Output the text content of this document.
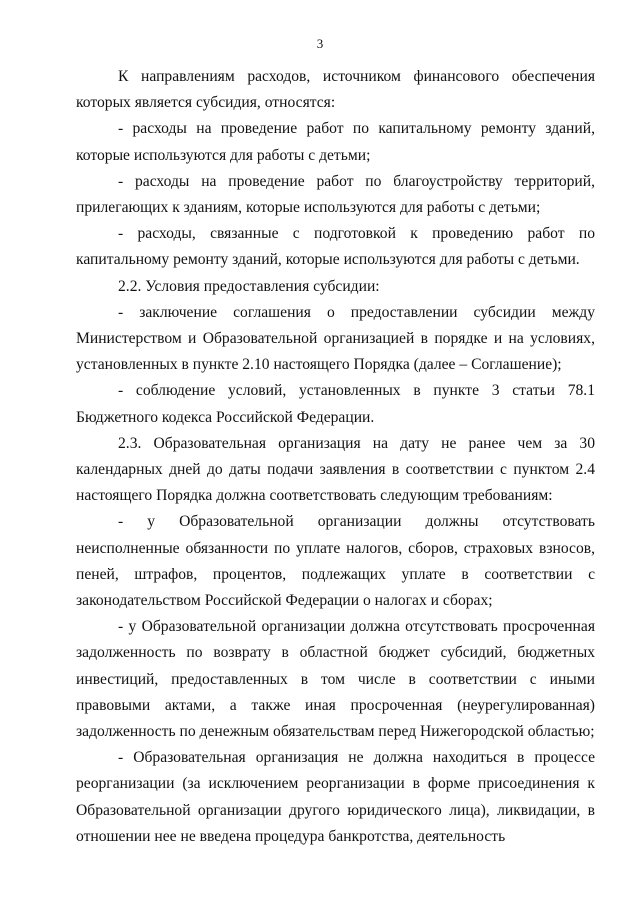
3

К направлениям расходов, источником финансового обеспечения которых является субсидия, относятся:

- расходы на проведение работ по капитальному ремонту зданий, которые используются для работы с детьми;

- расходы на проведение работ по благоустройству территорий, прилегающих к зданиям, которые используются для работы с детьми;

- расходы, связанные с подготовкой к проведению работ по капитальному ремонту зданий, которые используются для работы с детьми.

2.2. Условия предоставления субсидии:

- заключение соглашения о предоставлении субсидии между Министерством и Образовательной организацией в порядке и на условиях, установленных в пункте 2.10 настоящего Порядка (далее – Соглашение);

- соблюдение условий, установленных в пункте 3 статьи 78.1 Бюджетного кодекса Российской Федерации.

2.3. Образовательная организация на дату не ранее чем за 30 календарных дней до даты подачи заявления в соответствии с пунктом 2.4 настоящего Порядка должна соответствовать следующим требованиям:

- у Образовательной организации должны отсутствовать неисполненные обязанности по уплате налогов, сборов, страховых взносов, пеней, штрафов, процентов, подлежащих уплате в соответствии с законодательством Российской Федерации о налогах и сборах;

- у Образовательной организации должна отсутствовать просроченная задолженность по возврату в областной бюджет субсидий, бюджетных инвестиций, предоставленных в том числе в соответствии с иными правовыми актами, а также иная просроченная (неурегулированная) задолженность по денежным обязательствам перед Нижегородской областью;

- Образовательная организация не должна находиться в процессе реорганизации (за исключением реорганизации в форме присоединения к Образовательной организации другого юридического лица), ликвидации, в отношении нее не введена процедура банкротства, деятельность
